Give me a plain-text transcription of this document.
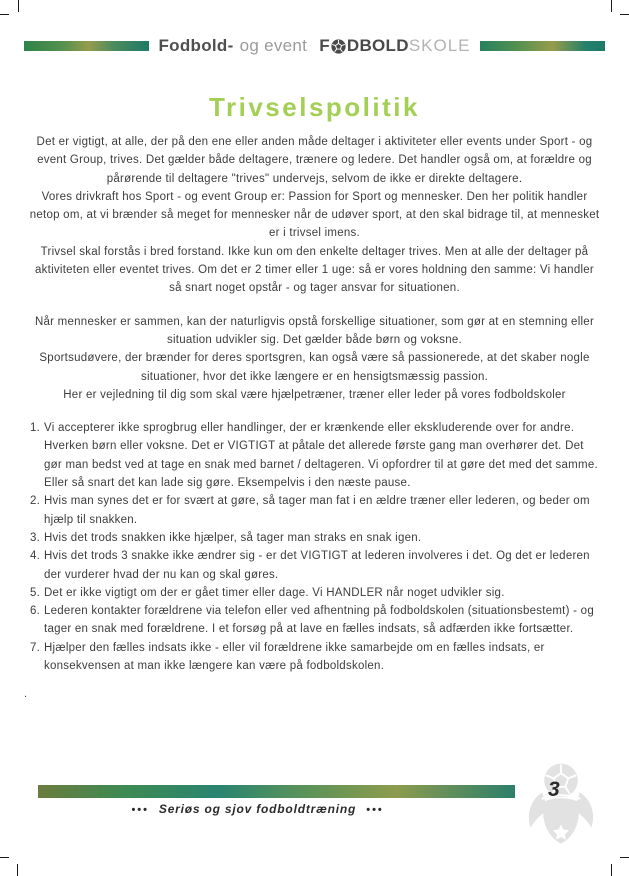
Fodbold- og event F DBOLD SKOLE
Trivselspolitik

Det er vigtigt, at alle, der på den ene eller anden måde deltager i aktiviteter eller events under Sport - og event Group, trives. Det gælder både deltagere, trænere og ledere. Det handler også om, at forældre og pårørende til deltagere "trives" undervejs, selvom de ikke er direkte deltagere.

Vores drivkraft hos Sport - og event Group er: Passion for Sport og mennesker. Den her politik handler netop om, at vi brænder så meget for mennesker når de udøver sport, at den skal bidrage til, at mennesket er i trivsel imens.

Trivsel skal forstås i bred forstand. Ikke kun om den enkelte deltager trives. Men at alle der deltager på aktiviteten eller eventet trives. Om det er 2 timer eller 1 uge: så er vores holdning den samme: Vi handler så snart noget opstår - og tager ansvar for situationen.

Når mennesker er sammen, kan der naturligvis opstå forskellige situationer, som gør at en stemning eller situation udvikler sig. Det gælder både børn og voksne.

Sportsudøvere, der brænder for deres sportsgren, kan også være så passionerede, at det skaber nogle situationer, hvor det ikke længere er en hensigtsmæssig passion.

Her er vejledning til dig som skal være hjælpetræner, træner eller leder på vores fodboldskoler

1. Vi accepterer ikke sprogbrug eller handlinger, der er krænkende eller ekskluderende over for andre. Hverken børn eller voksne. Det er VIGTIGT at påtale det allerede første gang man overhører det. Det gør man bedst ved at tage en snak med barnet / deltageren. Vi opfordrer til at gøre det med det samme. Eller så snart det kan lade sig gøre. Eksempelvis i den næste pause.
2. Hvis man synes det er for svært at gøre, så tager man fat i en ældre træner eller lederen, og beder om hjælp til snakken.
3. Hvis det trods snakken ikke hjælper, så tager man straks en snak igen.
4. Hvis det trods 3 snakke ikke ændrer sig - er det VIGTIGT at lederen involveres i det. Og det er lederen der vurderer hvad der nu kan og skal gøres.
5. Det er ikke vigtigt om der er gået timer eller dage. Vi HANDLER når noget udvikler sig.
6. Lederen kontakter forældrene via telefon eller ved afhentning på fodboldskolen (situationsbestemt) - og tager en snak med forældrene. I et forsøg på at lave en fælles indsats, så adfærden ikke fortsætter.
7. Hjælper den fælles indsats ikke - eller vil forældrene ikke samarbejde om en fælles indsats, er konsekvensen at man ikke længere kan være på fodboldskolen.
.
3
••• Seriøs og sjov fodboldtræning •••
